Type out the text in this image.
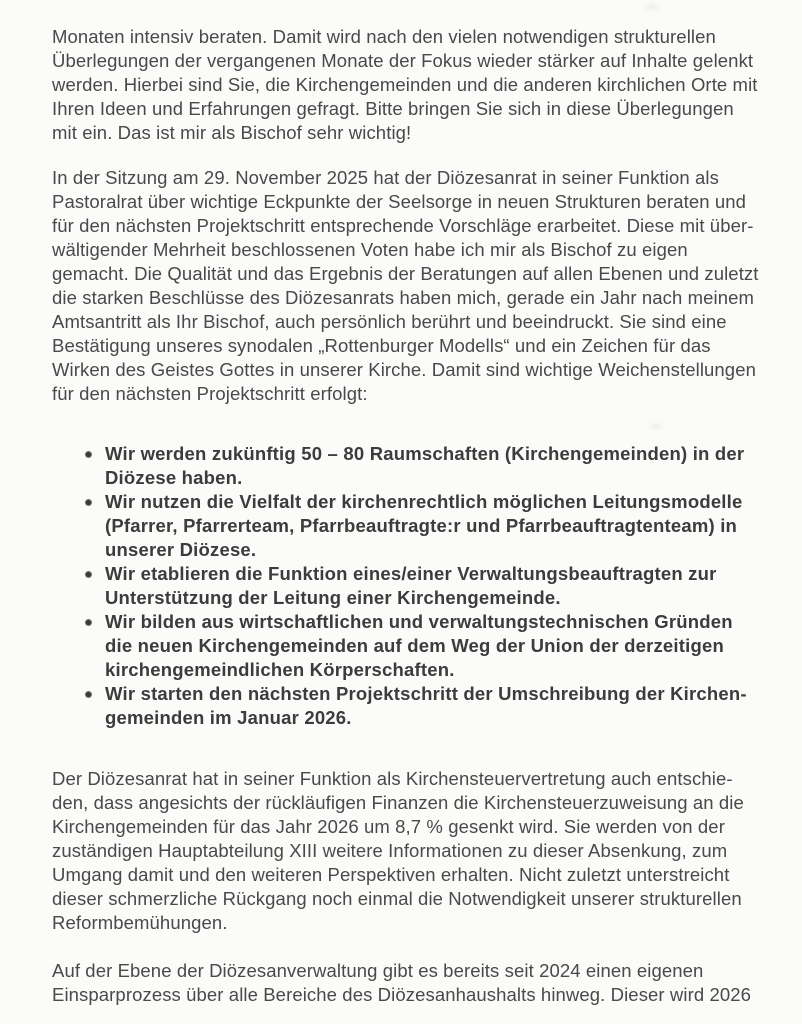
Monaten intensiv beraten. Damit wird nach den vielen notwendigen strukturellen
Überlegungen der vergangenen Monate der Fokus wieder stärker auf Inhalte gelenkt
werden. Hierbei sind Sie, die Kirchengemeinden und die anderen kirchlichen Orte mit
Ihren Ideen und Erfahrungen gefragt. Bitte bringen Sie sich in diese Überlegungen
mit ein. Das ist mir als Bischof sehr wichtig!
In der Sitzung am 29. November 2025 hat der Diözesanrat in seiner Funktion als
Pastoralrat über wichtige Eckpunkte der Seelsorge in neuen Strukturen beraten und
für den nächsten Projektschritt entsprechende Vorschläge erarbeitet. Diese mit über-
wältigender Mehrheit beschlossenen Voten habe ich mir als Bischof zu eigen
gemacht. Die Qualität und das Ergebnis der Beratungen auf allen Ebenen und zuletzt
die starken Beschlüsse des Diözesanrats haben mich, gerade ein Jahr nach meinem
Amtsantritt als Ihr Bischof, auch persönlich berührt und beeindruckt. Sie sind eine
Bestätigung unseres synodalen „Rottenburger Modells“ und ein Zeichen für das
Wirken des Geistes Gottes in unserer Kirche. Damit sind wichtige Weichenstellungen
für den nächsten Projektschritt erfolgt:
Wir werden zukünftig 50 – 80 Raumschaften (Kirchengemeinden) in der
Diözese haben.
Wir nutzen die Vielfalt der kirchenrechtlich möglichen Leitungsmodelle
(Pfarrer, Pfarrerteam, Pfarrbeauftragte:r und Pfarrbeauftragtenteam) in
unserer Diözese.
Wir etablieren die Funktion eines/einer Verwaltungsbeauftragten zur
Unterstützung der Leitung einer Kirchengemeinde.
Wir bilden aus wirtschaftlichen und verwaltungstechnischen Gründen
die neuen Kirchengemeinden auf dem Weg der Union der derzeitigen
kirchengemeindlichen Körperschaften.
Wir starten den nächsten Projektschritt der Umschreibung der Kirchen-
gemeinden im Januar 2026.
Der Diözesanrat hat in seiner Funktion als Kirchensteuervertretung auch entschie-
den, dass angesichts der rückläufigen Finanzen die Kirchensteuerzuweisung an die
Kirchengemeinden für das Jahr 2026 um 8,7 % gesenkt wird. Sie werden von der
zuständigen Hauptabteilung XIII weitere Informationen zu dieser Absenkung, zum
Umgang damit und den weiteren Perspektiven erhalten. Nicht zuletzt unterstreicht
dieser schmerzliche Rückgang noch einmal die Notwendigkeit unserer strukturellen
Reformbemühungen.
Auf der Ebene der Diözesanverwaltung gibt es bereits seit 2024 einen eigenen
Einsparprozess über alle Bereiche des Diözesanhaushalts hinweg. Dieser wird 2026
